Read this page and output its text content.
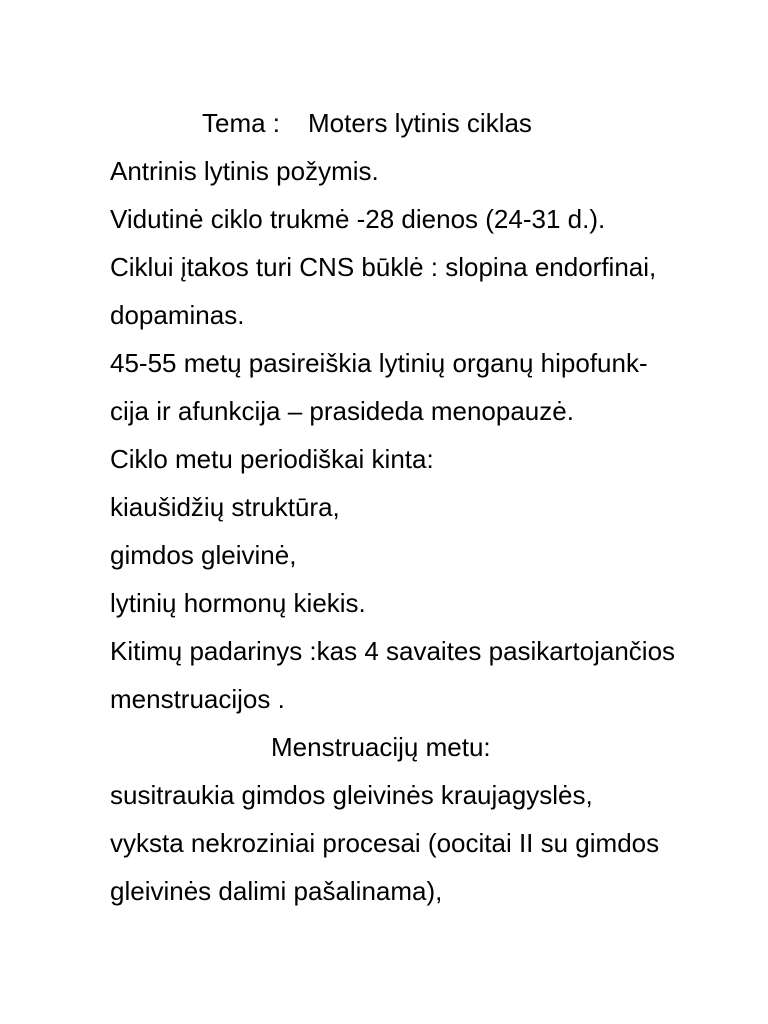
Tema : Moters lytinis ciklas

Antrinis lytinis požymis.

Vidutinė ciklo trukmė -28 dienos (24-31 d.).

Ciklui įtakos turi CNS būklė : slopina endorfinai,

dopaminas.

45-55 metų pasireiškia lytinių organų hipofunk-

cija ir afunkcija – prasideda menopauzė.

Ciklo metu periodiškai kinta:

kiaušidžių struktūra,

gimdos gleivinė,

lytinių hormonų kiekis.

Kitimų padarinys :kas 4 savaites pasikartojančios

menstruacijos .

Menstruacijų metu:

susitraukia gimdos gleivinės kraujagyslės,

vyksta nekroziniai procesai (oocitai II su gimdos

gleivinės dalimi pašalinama),
